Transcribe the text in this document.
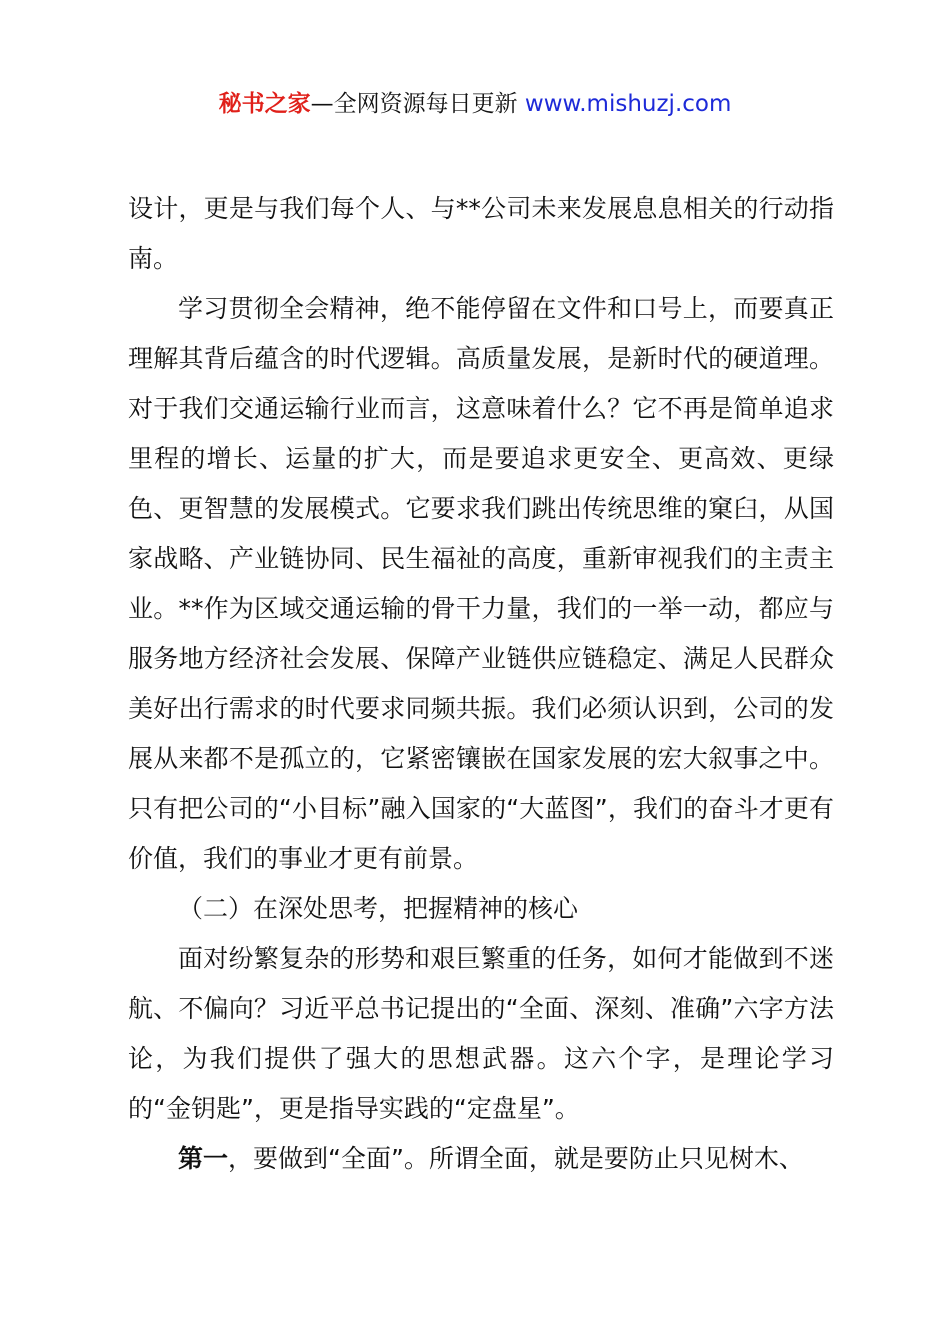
秘书之家—全网资源每日更新 www.mishuzj.com

设计，更是与我们每个人、与**公司未来发展息息相关的行动指南。

学习贯彻全会精神，绝不能停留在文件和口号上，而要真正理解其背后蕴含的时代逻辑。高质量发展，是新时代的硬道理。对于我们交通运输行业而言，这意味着什么？它不再是简单追求里程的增长、运量的扩大，而是要追求更安全、更高效、更绿色、更智慧的发展模式。它要求我们跳出传统思维的窠臼，从国家战略、产业链协同、民生福祉的高度，重新审视我们的主责主业。**作为区域交通运输的骨干力量，我们的一举一动，都应与服务地方经济社会发展、保障产业链供应链稳定、满足人民群众美好出行需求的时代要求同频共振。我们必须认识到，公司的发展从来都不是孤立的，它紧密镶嵌在国家发展的宏大叙事之中。只有把公司的“小目标”融入国家的“大蓝图”，我们的奋斗才更有价值，我们的事业才更有前景。

（二）在深处思考，把握精神的核心

面对纷繁复杂的形势和艰巨繁重的任务，如何才能做到不迷航、不偏向？习近平总书记提出的“全面、深刻、准确”六字方法论，为我们提供了强大的思想武器。这六个字，是理论学习的“金钥匙”，更是指导实践的“定盘星”。

第一，要做到“全面”。所谓全面，就是要防止只见树木、
